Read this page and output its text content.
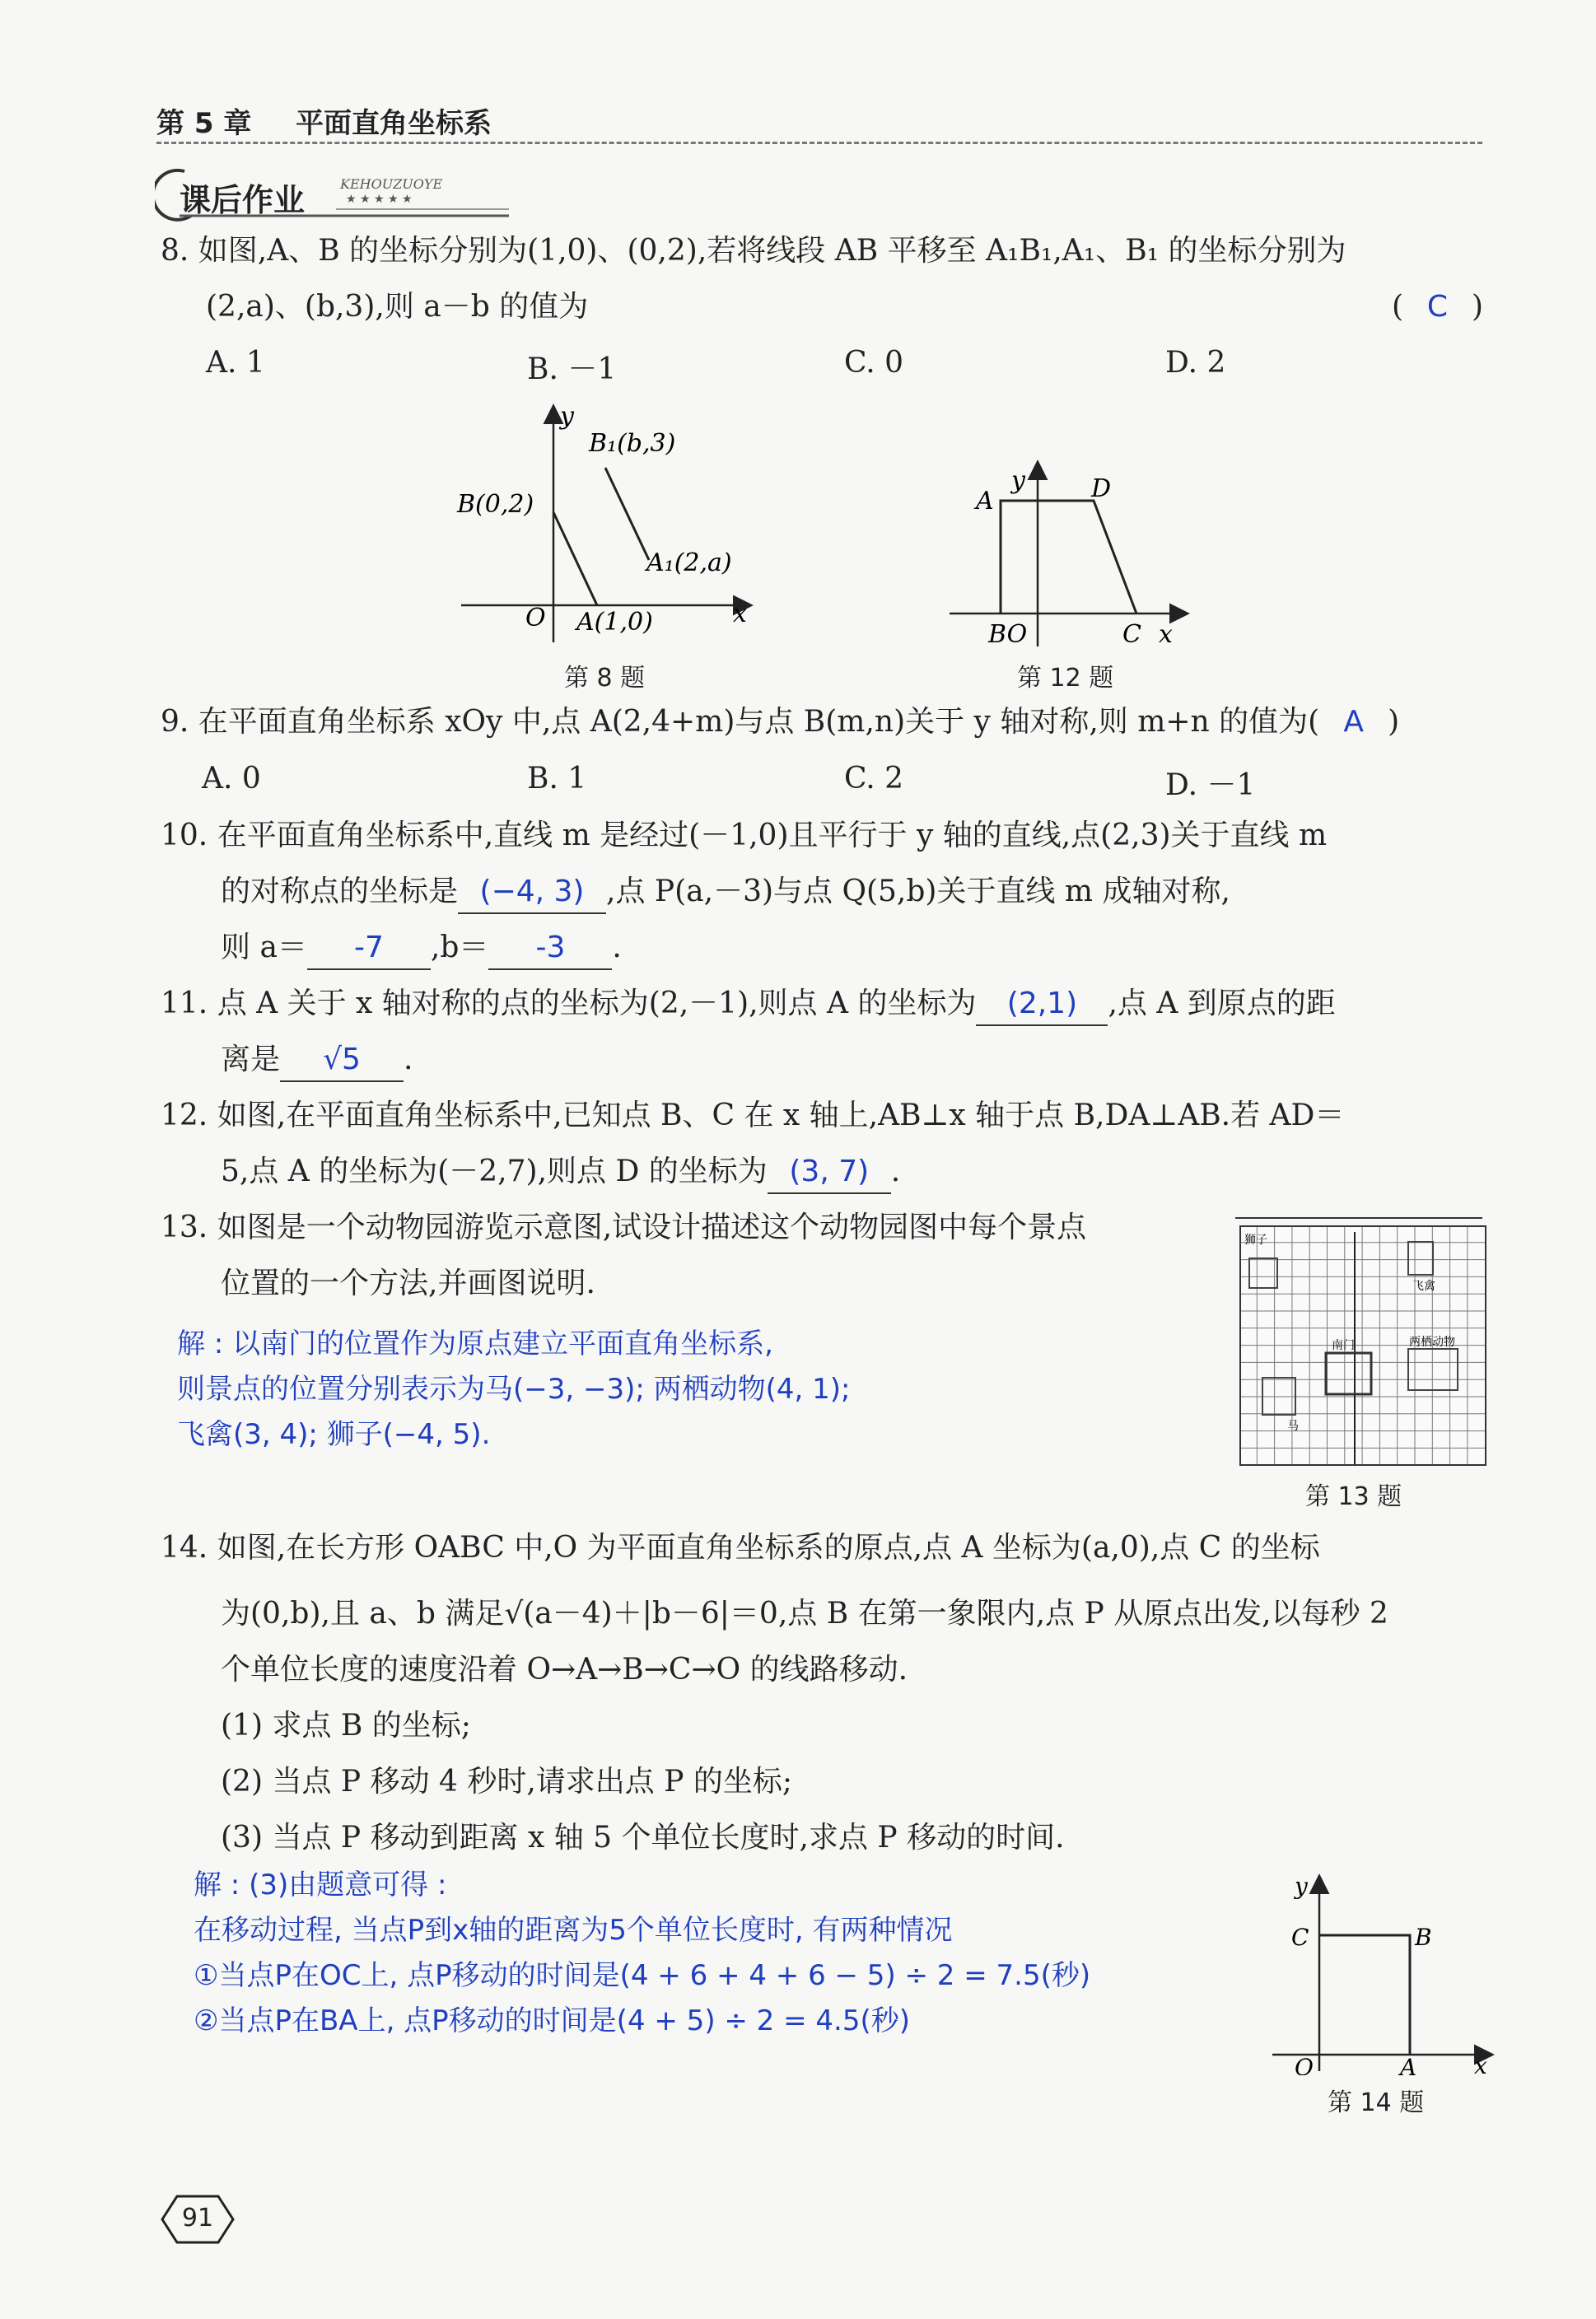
第 5 章 平面直角坐标系
课后作业	KEHOUZUOYE
★ ★ ★ ★ ★
8. 如图,A、B 的坐标分别为(1,0)、(0,2),若将线段 AB 平移至 A₁B₁,A₁、B₁ 的坐标分别为
(2,a)、(b,3),则 a－b 的值为	( C )
A. 1	B. －1	C. 0	D. 2
y
x
B₁(b,3)
B(0,2)
A₁(2,a)
O A(1,0)
第 8 题
y
A	D
BO	C x
第 12 题
9. 在平面直角坐标系 xOy 中,点 A(2,4+m)与点 B(m,n)关于 y 轴对称,则 m+n 的值为( A )
A. 0	B. 1	C. 2	D. －1
10. 在平面直角坐标系中,直线 m 是经过(－1,0)且平行于 y 轴的直线,点(2,3)关于直线 m
的对称点的坐标是 (−4, 3) ,点 P(a,－3)与点 Q(5,b)关于直线 m 成轴对称,
则 a＝ -7 ,b＝ -3 .
11. 点 A 关于 x 轴对称的点的坐标为(2,－1),则点 A 的坐标为 (2,1) ,点 A 到原点的距
离是 √5 .
12. 如图,在平面直角坐标系中,已知点 B、C 在 x 轴上,AB⊥x 轴于点 B,DA⊥AB.若 AD＝
5,点 A 的坐标为(－2,7),则点 D 的坐标为 (3, 7) .
13. 如图是一个动物园游览示意图,试设计描述这个动物园图中每个景点
位置的一个方法,并画图说明.
解 : 以南门的位置作为原点建立平面直角坐标系,
则景点的位置分别表示为马(−3, −3); 两栖动物(4, 1);
飞禽(3, 4); 狮子(−4, 5).
狮子
飞禽
南门	两栖动物
马
第 13 题
14. 如图,在长方形 OABC 中,O 为平面直角坐标系的原点,点 A 坐标为(a,0),点 C 的坐标
为(0,b),且 a、b 满足√(a－4)＋|b－6|＝0,点 B 在第一象限内,点 P 从原点出发,以每秒 2
个单位长度的速度沿着 O→A→B→C→O 的线路移动.
(1) 求点 B 的坐标;
(2) 当点 P 移动 4 秒时,请求出点 P 的坐标;
(3) 当点 P 移动到距离 x 轴 5 个单位长度时,求点 P 移动的时间.
解 : (3)由题意可得 :
在移动过程, 当点P到x轴的距离为5个单位长度时, 有两种情况
①当点P在OC上, 点P移动的时间是(4 + 6 + 4 + 6 − 5) ÷ 2 = 7.5(秒)
②当点P在BA上, 点P移动的时间是(4 + 5) ÷ 2 = 4.5(秒)
y
C	B
O	A x
第 14 题
91
